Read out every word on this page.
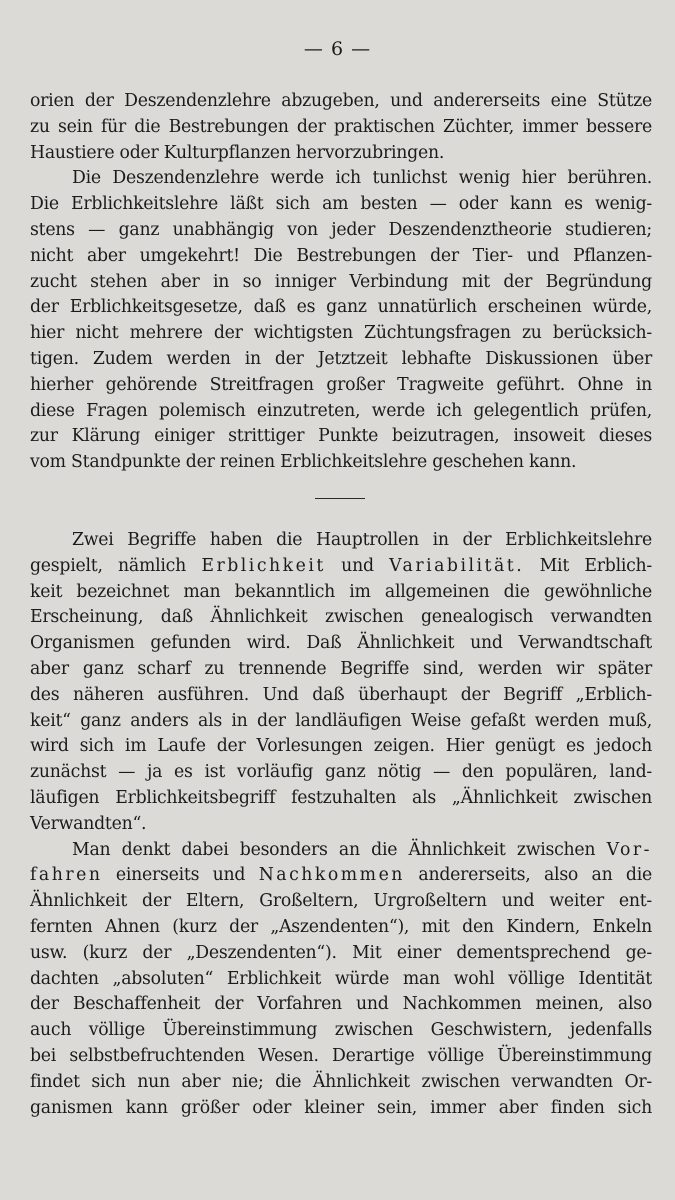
— 6 —
orien der Deszendenzlehre abzugeben, und andererseits eine Stütze
zu sein für die Bestrebungen der praktischen Züchter, immer bessere
Haustiere oder Kulturpflanzen hervorzubringen.
Die Deszendenzlehre werde ich tunlichst wenig hier berühren.
Die Erblichkeitslehre läßt sich am besten — oder kann es wenig-
stens — ganz unabhängig von jeder Deszendenztheorie studieren;
nicht aber umgekehrt! Die Bestrebungen der Tier- und Pflanzen-
zucht stehen aber in so inniger Verbindung mit der Begründung
der Erblichkeitsgesetze, daß es ganz unnatürlich erscheinen würde,
hier nicht mehrere der wichtigsten Züchtungsfragen zu berücksich-
tigen. Zudem werden in der Jetztzeit lebhafte Diskussionen über
hierher gehörende Streitfragen großer Tragweite geführt. Ohne in
diese Fragen polemisch einzutreten, werde ich gelegentlich prüfen,
zur Klärung einiger strittiger Punkte beizutragen, insoweit dieses
vom Standpunkte der reinen Erblichkeitslehre geschehen kann.
Zwei Begriffe haben die Hauptrollen in der Erblichkeitslehre
gespielt, nämlich Erblichkeit und Variabilität. Mit Erblich-
keit bezeichnet man bekanntlich im allgemeinen die gewöhnliche
Erscheinung, daß Ähnlichkeit zwischen genealogisch verwandten
Organismen gefunden wird. Daß Ähnlichkeit und Verwandtschaft
aber ganz scharf zu trennende Begriffe sind, werden wir später
des näheren ausführen. Und daß überhaupt der Begriff „Erblich-
keit“ ganz anders als in der landläufigen Weise gefaßt werden muß,
wird sich im Laufe der Vorlesungen zeigen. Hier genügt es jedoch
zunächst — ja es ist vorläufig ganz nötig — den populären, land-
läufigen Erblichkeitsbegriff festzuhalten als „Ähnlichkeit zwischen
Verwandten“.
Man denkt dabei besonders an die Ähnlichkeit zwischen Vor-
fahren einerseits und Nachkommen andererseits, also an die
Ähnlichkeit der Eltern, Großeltern, Urgroßeltern und weiter ent-
fernten Ahnen (kurz der „Aszendenten“), mit den Kindern, Enkeln
usw. (kurz der „Deszendenten“). Mit einer dementsprechend ge-
dachten „absoluten“ Erblichkeit würde man wohl völlige Identität
der Beschaffenheit der Vorfahren und Nachkommen meinen, also
auch völlige Übereinstimmung zwischen Geschwistern, jedenfalls
bei selbstbefruchtenden Wesen. Derartige völlige Übereinstimmung
findet sich nun aber nie; die Ähnlichkeit zwischen verwandten Or-
ganismen kann größer oder kleiner sein, immer aber finden sich
